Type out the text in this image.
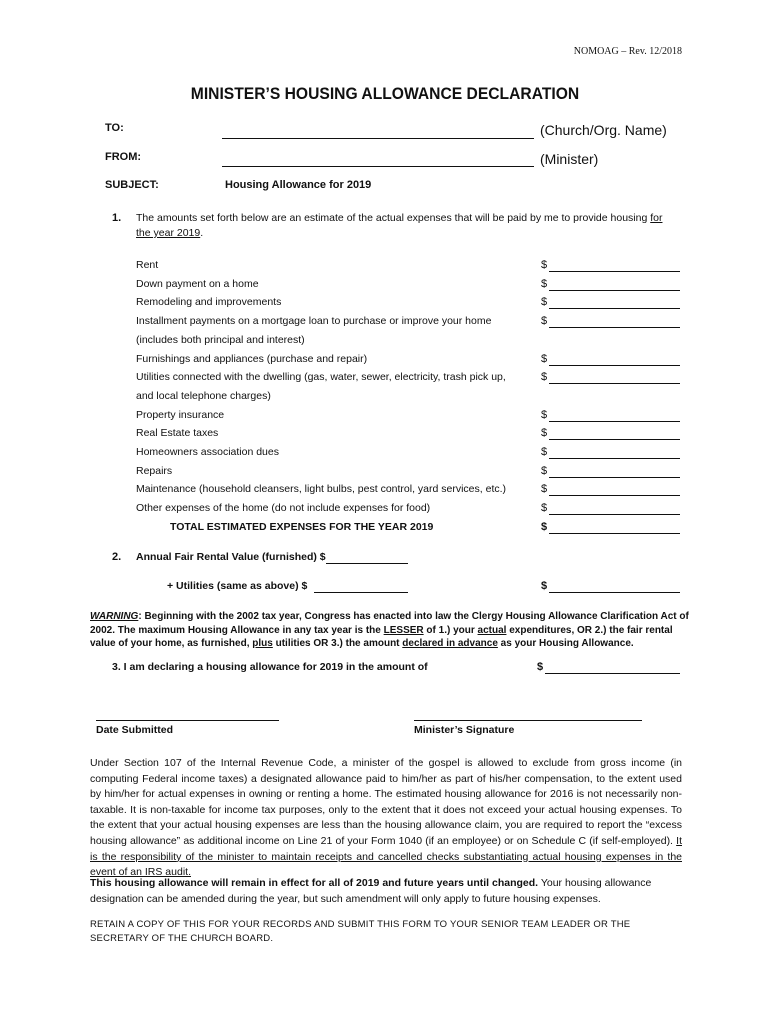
NOMOAG – Rev. 12/2018
MINISTER’S HOUSING ALLOWANCE DECLARATION
TO:	(Church/Org. Name)
FROM:	(Minister)
SUBJECT:	Housing Allowance for 2019
1. The amounts set forth below are an estimate of the actual expenses that will be paid by me to provide housing for the year 2019.
Rent	$
Down payment on a home	$
Remodeling and improvements	$
Installment payments on a mortgage loan to purchase or improve your home	$
(includes both principal and interest)
Furnishings and appliances (purchase and repair)	$
Utilities connected with the dwelling (gas, water, sewer, electricity, trash pick up,	$
and local telephone charges)
Property insurance	$
Real Estate taxes	$
Homeowners association dues	$
Repairs	$
Maintenance (household cleansers, light bulbs, pest control, yard services, etc.)	$
Other expenses of the home (do not include expenses for food)	$
TOTAL ESTIMATED EXPENSES FOR THE YEAR 2019	$
2. Annual Fair Rental Value (furnished) $
+ Utilities (same as above) $	$
WARNING: Beginning with the 2002 tax year, Congress has enacted into law the Clergy Housing Allowance Clarification Act of 2002. The maximum Housing Allowance in any tax year is the LESSER of 1.) your actual expenditures, OR 2.) the fair rental value of your home, as furnished, plus utilities OR 3.) the amount declared in advance as your Housing Allowance.
3. I am declaring a housing allowance for 2019 in the amount of	$
Date Submitted	Minister’s Signature
Under Section 107 of the Internal Revenue Code, a minister of the gospel is allowed to exclude from gross income (in computing Federal income taxes) a designated allowance paid to him/her as part of his/her compensation, to the extent used by him/her for actual expenses in owning or renting a home. The estimated housing allowance for 2016 is not necessarily non-taxable. It is non-taxable for income tax purposes, only to the extent that it does not exceed your actual housing expenses. To the extent that your actual housing expenses are less than the housing allowance claim, you are required to report the “excess housing allowance” as additional income on Line 21 of your Form 1040 (if an employee) or on Schedule C (if self-employed). It is the responsibility of the minister to maintain receipts and cancelled checks substantiating actual housing expenses in the event of an IRS audit.
This housing allowance will remain in effect for all of 2019 and future years until changed. Your housing allowance designation can be amended during the year, but such amendment will only apply to future housing expenses.
RETAIN A COPY OF THIS FOR YOUR RECORDS AND SUBMIT THIS FORM TO YOUR SENIOR TEAM LEADER OR THE SECRETARY OF THE CHURCH BOARD.
